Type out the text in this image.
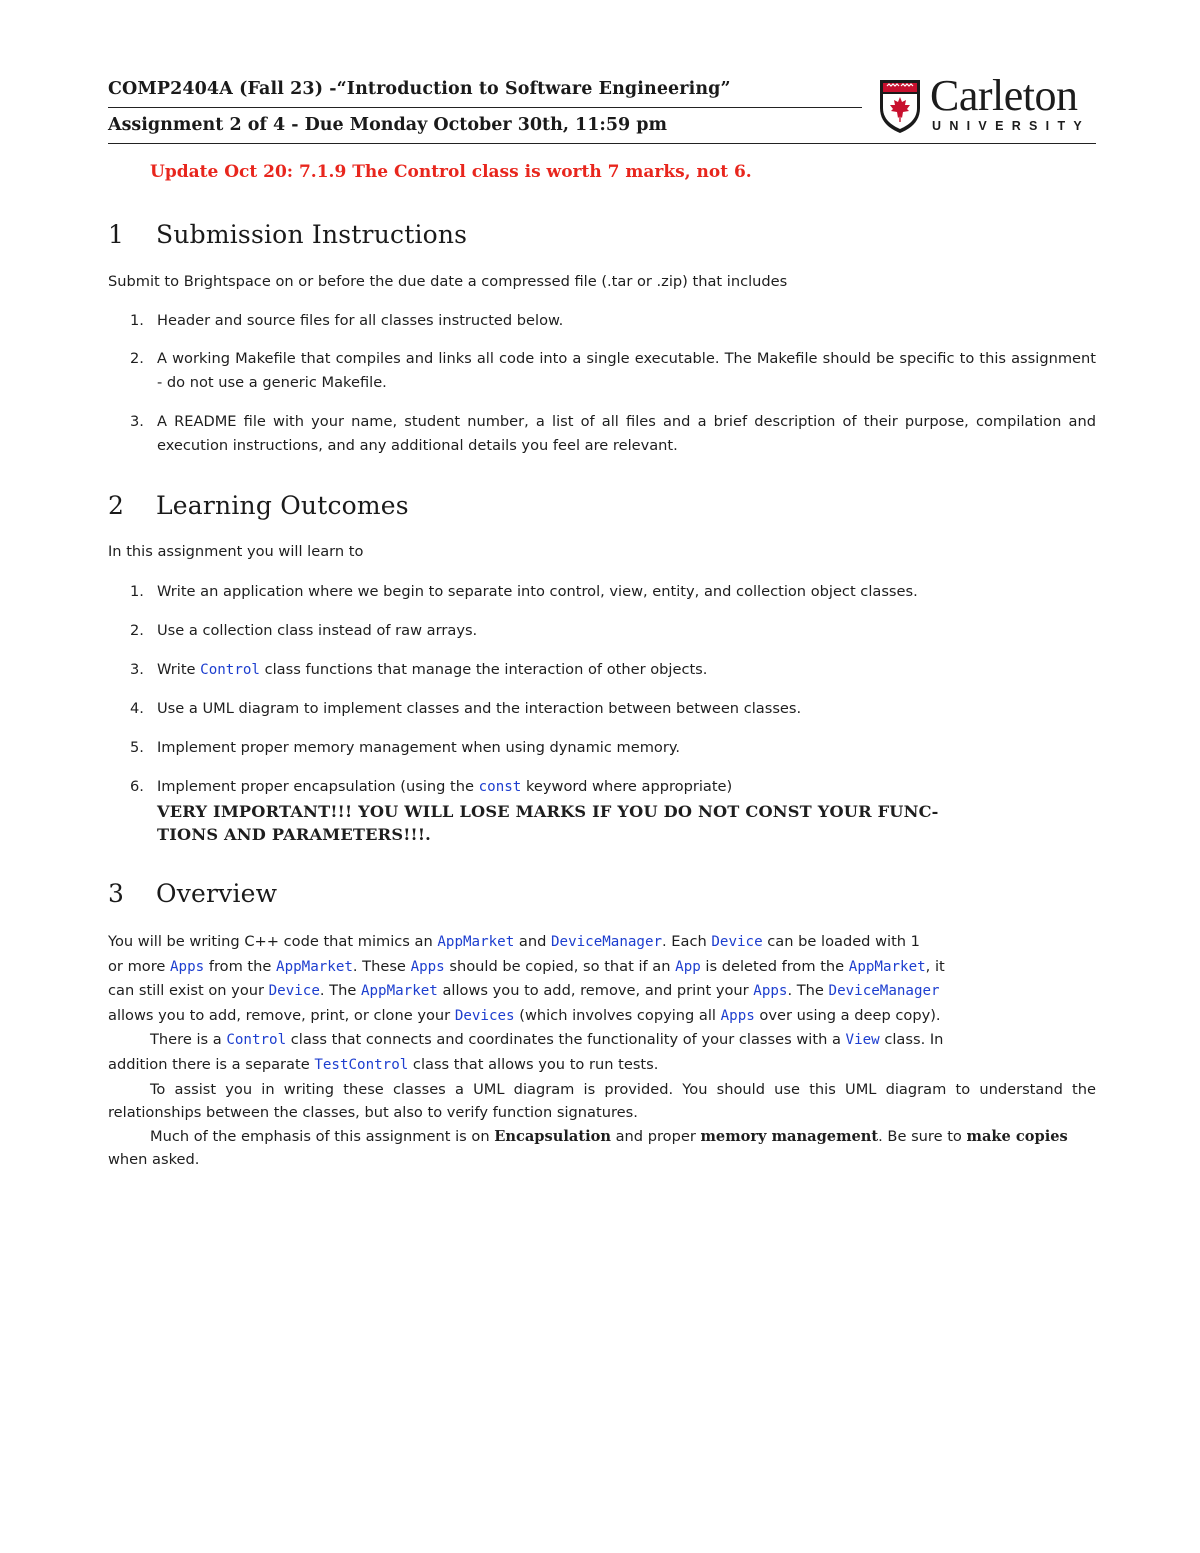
COMP2404A (Fall 23) -“Introduction to Software Engineering”
Assignment 2 of 4 - Due Monday October 30th, 11:59 pm
Carleton
UNIVERSITY
Update Oct 20: 7.1.9 The Control class is worth 7 marks, not 6.
1 Submission Instructions
Submit to Brightspace on or before the due date a compressed file (.tar or .zip) that includes
1. Header and source files for all classes instructed below.
2. A working Makefile that compiles and links all code into a single executable. The Makefile should be specific to this assignment - do not use a generic Makefile.
3. A README file with your name, student number, a list of all files and a brief description of their purpose, compilation and execution instructions, and any additional details you feel are relevant.
2 Learning Outcomes
In this assignment you will learn to
1. Write an application where we begin to separate into control, view, entity, and collection object classes.
2. Use a collection class instead of raw arrays.
3. Write Control class functions that manage the interaction of other objects.
4. Use a UML diagram to implement classes and the interaction between between classes.
5. Implement proper memory management when using dynamic memory.
6. Implement proper encapsulation (using the const keyword where appropriate)
VERY IMPORTANT!!! YOU WILL LOSE MARKS IF YOU DO NOT CONST YOUR FUNC-
TIONS AND PARAMETERS!!!.
3 Overview
You will be writing C++ code that mimics an AppMarket and DeviceManager. Each Device can be loaded with 1
or more Apps from the AppMarket. These Apps should be copied, so that if an App is deleted from the AppMarket, it
can still exist on your Device. The AppMarket allows you to add, remove, and print your Apps. The DeviceManager
allows you to add, remove, print, or clone your Devices (which involves copying all Apps over using a deep copy).
There is a Control class that connects and coordinates the functionality of your classes with a View class. In
addition there is a separate TestControl class that allows you to run tests.
To assist you in writing these classes a UML diagram is provided. You should use this UML diagram to understand the relationships between the classes, but also to verify function signatures.
Much of the emphasis of this assignment is on Encapsulation and proper memory management. Be sure to make copies when asked.
